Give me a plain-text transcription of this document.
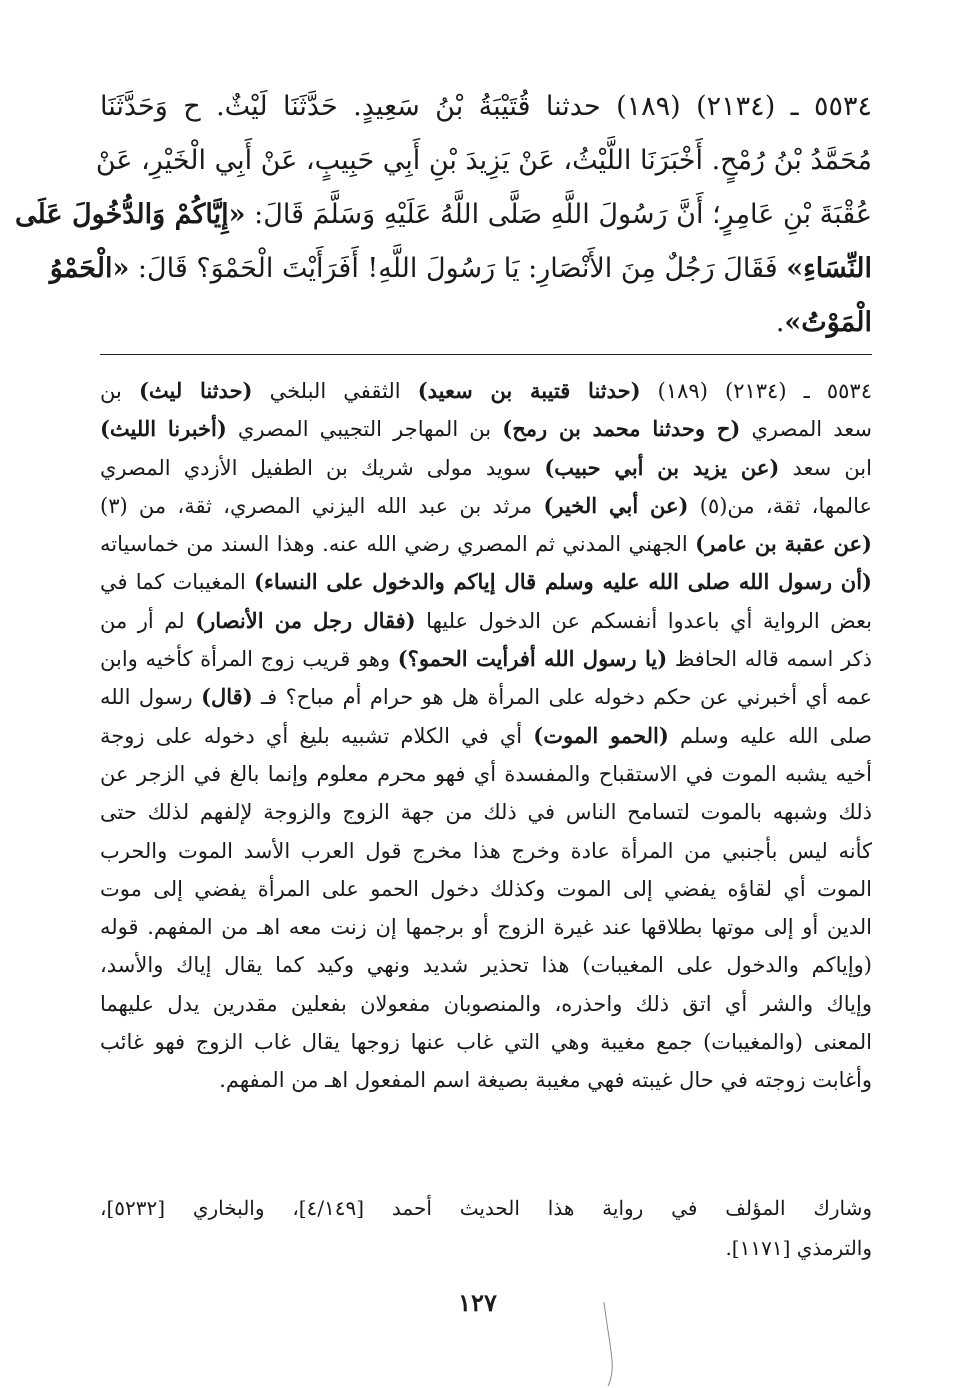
٥٥٣٤ ـ (٢١٣٤) (١٨٩) حدثنا قُتَيْبَةُ بْنُ سَعِيدٍ. حَدَّثَنَا لَيْثٌ. ح وَحَدَّثَنَا
مُحَمَّدُ بْنُ رُمْحٍ. أَخْبَرَنَا اللَّيْثُ، عَنْ يَزِيدَ بْنِ أَبِي حَبِيبٍ، عَنْ أَبِي الْخَيْرِ، عَنْ
عُقْبَةَ بْنِ عَامِرٍ؛ أَنَّ رَسُولَ اللَّهِ صَلَّى اللَّهُ عَلَيْهِ وَسَلَّمَ قَالَ: «إِيَّاكُمْ وَالدُّخُولَ عَلَى
النِّسَاءِ» فَقَالَ رَجُلٌ مِنَ الأَنْصَارِ: يَا رَسُولَ اللَّهِ! أَفَرَأَيْتَ الْحَمْوَ؟ قَالَ: «الْحَمْوُ
الْمَوْتُ».
٥٥٣٤ ـ (٢١٣٤) (١٨٩) (حدثنا قتيبة بن سعيد) الثقفي البلخي (حدثنا ليث) بن
سعد المصري (ح وحدثنا محمد بن رمح) بن المهاجر التجيبي المصري (أخبرنا الليث)
ابن سعد (عن يزيد بن أبي حبيب) سويد مولى شريك بن الطفيل الأزدي المصري
عالمها، ثقة، من(٥) (عن أبي الخير) مرثد بن عبد الله اليزني المصري، ثقة، من (٣)
(عن عقبة بن عامر) الجهني المدني ثم المصري رضي الله عنه. وهذا السند من خماسياته
(أن رسول الله صلى الله عليه وسلم قال إياكم والدخول على النساء) المغيبات كما في
بعض الرواية أي باعدوا أنفسكم عن الدخول عليها (فقال رجل من الأنصار) لم أر من
ذكر اسمه قاله الحافظ (يا رسول الله أفرأيت الحمو؟) وهو قريب زوج المرأة كأخيه وابن
عمه أي أخبرني عن حكم دخوله على المرأة هل هو حرام أم مباح؟ فـ (قال) رسول الله
صلى الله عليه وسلم (الحمو الموت) أي في الكلام تشبيه بليغ أي دخوله على زوجة
أخيه يشبه الموت في الاستقباح والمفسدة أي فهو محرم معلوم وإنما بالغ في الزجر عن
ذلك وشبهه بالموت لتسامح الناس في ذلك من جهة الزوج والزوجة لإلفهم لذلك حتى
كأنه ليس بأجنبي من المرأة عادة وخرج هذا مخرج قول العرب الأسد الموت والحرب
الموت أي لقاؤه يفضي إلى الموت وكذلك دخول الحمو على المرأة يفضي إلى موت
الدين أو إلى موتها بطلاقها عند غيرة الزوج أو برجمها إن زنت معه اهـ من المفهم. قوله
(وإياكم والدخول على المغيبات) هذا تحذير شديد ونهي وكيد كما يقال إياك والأسد،
وإياك والشر أي اتق ذلك واحذره، والمنصوبان مفعولان بفعلين مقدرين يدل عليهما
المعنى (والمغيبات) جمع مغيبة وهي التي غاب عنها زوجها يقال غاب الزوج فهو غائب
وأغابت زوجته في حال غيبته فهي مغيبة بصيغة اسم المفعول اهـ من المفهم.
وشارك المؤلف في رواية هذا الحديث أحمد [٤/١٤٩]، والبخاري [٥٢٣٢]،
والترمذي [١١٧١].
١٢٧
